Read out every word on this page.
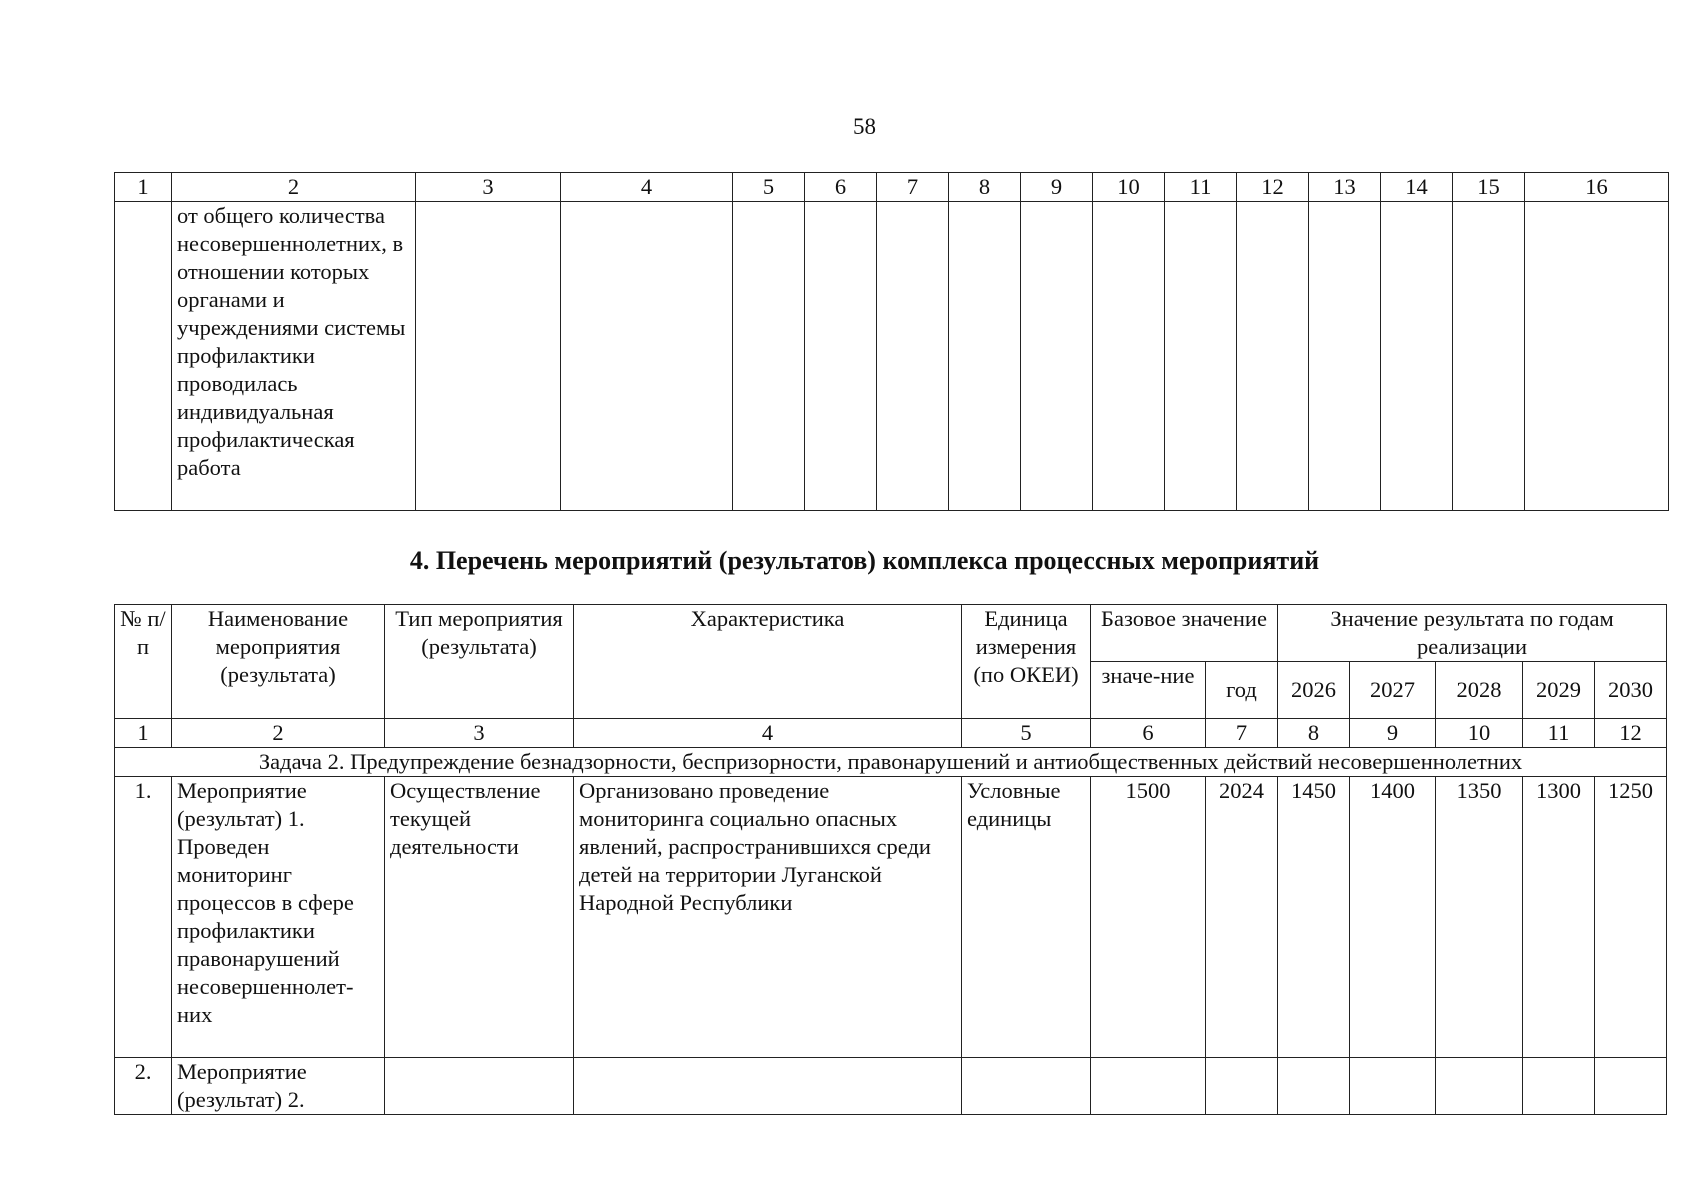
58
1	2	3	4	5	6	7	8	9	10	11	12	13	14	15	16
	от общего количества несовершеннолетних, в отношении которых органами и учреждениями системы профилактики проводилась индивидуальная профилактическая работа														
4. Перечень мероприятий (результатов) комплекса процессных мероприятий
№ п/п	Наименование мероприятия (результата)	Тип мероприятия (результата)	Характеристика	Единица измерения (по ОКЕИ)	Базовое значение		Значение результата по годам реализации				
					значе-ние	год	2026	2027	2028	2029	2030
1	2	3	4	5	6	7	8	9	10	11	12
Задача 2. Предупреждение безнадзорности, беспризорности, правонарушений и антиобщественных действий несовершеннолетних											
1.	Мероприятие (результат) 1. Проведен мониторинг процессов в сфере профилактики правонарушений несовершеннолет-них	Осуществление текущей деятельности	Организовано проведение мониторинга социально опасных явлений, распространившихся среди детей на территории Луганской Народной Республики	Условные единицы	1500	2024	1450	1400	1350	1300	1250
2.	Мероприятие (результат) 2.										
